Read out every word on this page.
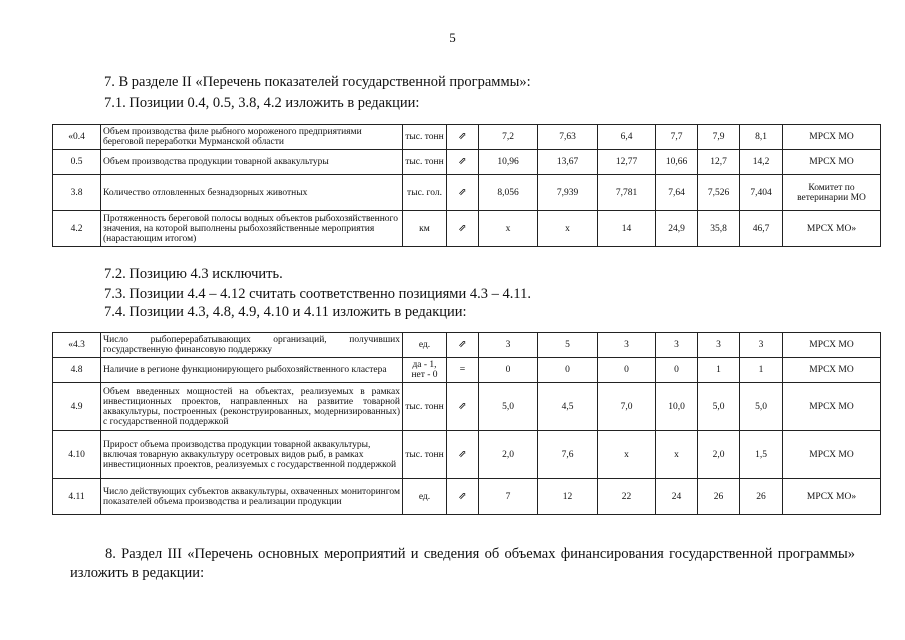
5
7. В разделе II «Перечень показателей государственной программы»:
7.1. Позиции 0.4, 0.5, 3.8, 4.2 изложить в редакции:
«0.4	Объем производства филе рыбного мороженого предприятиями береговой переработки Мурманской области	тыс. тонн	⇗	7,2	7,63	6,4	7,7	7,9	8,1	МРСХ МО
0.5	Объем производства продукции товарной аквакультуры	тыс. тонн	⇗	10,96	13,67	12,77	10,66	12,7	14,2	МРСХ МО
3.8	Количество отловленных безнадзорных животных	тыс. гол.	⇗	8,056	7,939	7,781	7,64	7,526	7,404	Комитет по ветеринарии МО
4.2	Протяженность береговой полосы водных объектов рыбохозяйственного значения, на которой выполнены рыбохозяйственные мероприятия (нарастающим итогом)	км	⇗	х	х	14	24,9	35,8	46,7	МРСХ МО»
7.2. Позицию 4.3 исключить.
7.3. Позиции 4.4 – 4.12 считать соответственно позициями 4.3 – 4.11.
7.4. Позиции 4.3, 4.8, 4.9, 4.10 и 4.11 изложить в редакции:
«4.3	Число рыбоперерабатывающих организаций, получивших государственную финансовую поддержку	ед.	⇗	3	5	3	3	3	3	МРСХ МО
4.8	Наличие в регионе функционирующего рыбохозяйственного кластера	да - 1, нет - 0	=	0	0	0	0	1	1	МРСХ МО
4.9	Объем введенных мощностей на объектах, реализуемых в рамках инвестиционных проектов, направленных на развитие товарной аквакультуры, построенных (реконструированных, модернизированных) с государственной поддержкой	тыс. тонн	⇗	5,0	4,5	7,0	10,0	5,0	5,0	МРСХ МО
4.10	Прирост объема производства продукции товарной аквакультуры, включая товарную аквакультуру осетровых видов рыб, в рамках инвестиционных проектов, реализуемых с государственной поддержкой	тыс. тонн	⇗	2,0	7,6	х	х	2,0	1,5	МРСХ МО
4.11	Число действующих субъектов аквакультуры, охваченных мониторингом показателей объема производства и реализации продукции	ед.	⇗	7	12	22	24	26	26	МРСХ МО»
8. Раздел III «Перечень основных мероприятий и сведения об объемах финансирования государственной программы» изложить в редакции:
